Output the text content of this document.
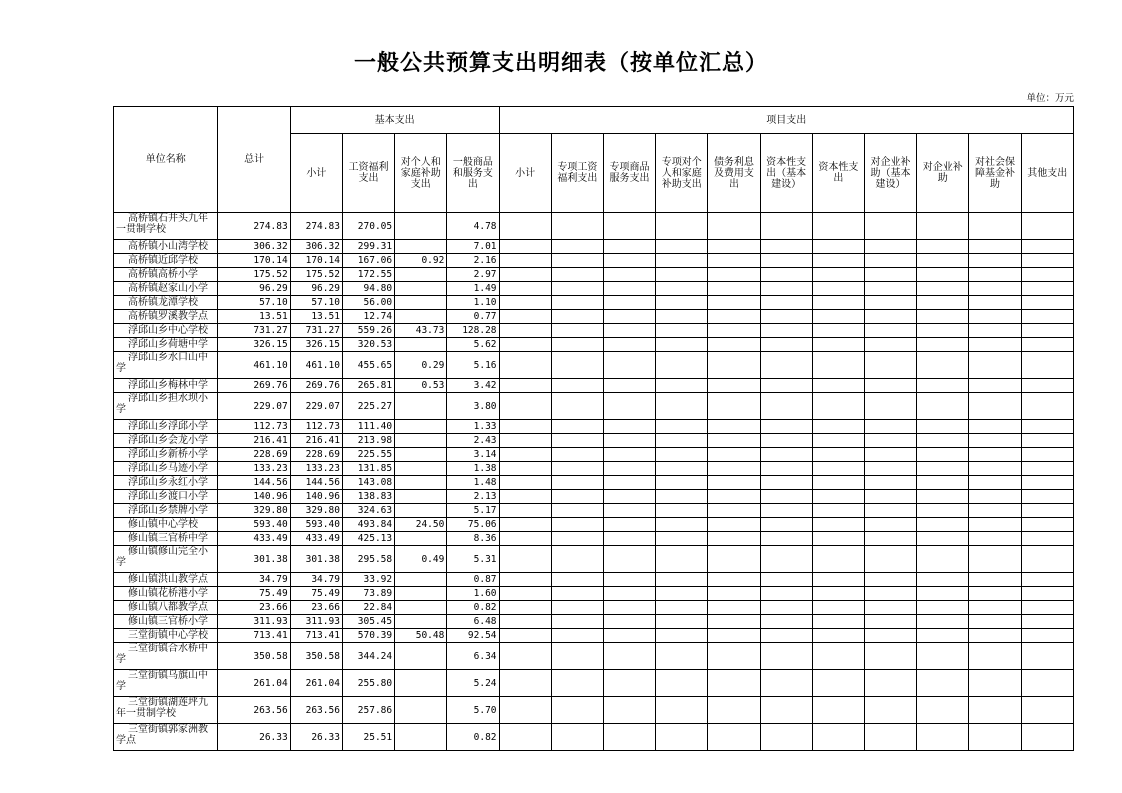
一般公共预算支出明细表（按单位汇总）
单位：万元
单位名称	总计	基本支出				项目支出										
		小计	工资福利支出	对个人和家庭补助支出	一般商品和服务支出	小计	专项工资福利支出	专项商品服务支出	专项对个人和家庭补助支出	债务利息及费用支出	资本性支出（基本建设）	资本性支出	对企业补助（基本建设）	对企业补助	对社会保障基金补助	其他支出
高桥镇石井头九年一贯制学校	274.83	274.83	270.05		4.78											
高桥镇小山湾学校	306.32	306.32	299.31		7.01											
高桥镇近邱学校	170.14	170.14	167.06	0.92	2.16											
高桥镇高桥小学	175.52	175.52	172.55		2.97											
高桥镇赵家山小学	96.29	96.29	94.80		1.49											
高桥镇龙潭学校	57.10	57.10	56.00		1.10											
高桥镇罗溪教学点	13.51	13.51	12.74		0.77											
浮邱山乡中心学校	731.27	731.27	559.26	43.73	128.28											
浮邱山乡荷塘中学	326.15	326.15	320.53		5.62											
浮邱山乡水口山中学	461.10	461.10	455.65	0.29	5.16											
浮邱山乡梅林中学	269.76	269.76	265.81	0.53	3.42											
浮邱山乡担水坝小学	229.07	229.07	225.27		3.80											
浮邱山乡浮邱小学	112.73	112.73	111.40		1.33											
浮邱山乡会龙小学	216.41	216.41	213.98		2.43											
浮邱山乡新桥小学	228.69	228.69	225.55		3.14											
浮邱山乡马迹小学	133.23	133.23	131.85		1.38											
浮邱山乡永红小学	144.56	144.56	143.08		1.48											
浮邱山乡渡口小学	140.96	140.96	138.83		2.13											
浮邱山乡禁牌小学	329.80	329.80	324.63		5.17											
修山镇中心学校	593.40	593.40	493.84	24.50	75.06											
修山镇三官桥中学	433.49	433.49	425.13		8.36											
修山镇修山完全小学	301.38	301.38	295.58	0.49	5.31											
修山镇洪山教学点	34.79	34.79	33.92		0.87											
修山镇花桥港小学	75.49	75.49	73.89		1.60											
修山镇八都教学点	23.66	23.66	22.84		0.82											
修山镇三官桥小学	311.93	311.93	305.45		6.48											
三堂街镇中心学校	713.41	713.41	570.39	50.48	92.54											
三堂街镇合水桥中学	350.58	350.58	344.24		6.34											
三堂街镇乌旗山中学	261.04	261.04	255.80		5.24											
三堂街镇湖莲坪九年一贯制学校	263.56	263.56	257.86		5.70											
三堂街镇郭家洲教学点	26.33	26.33	25.51		0.82											
